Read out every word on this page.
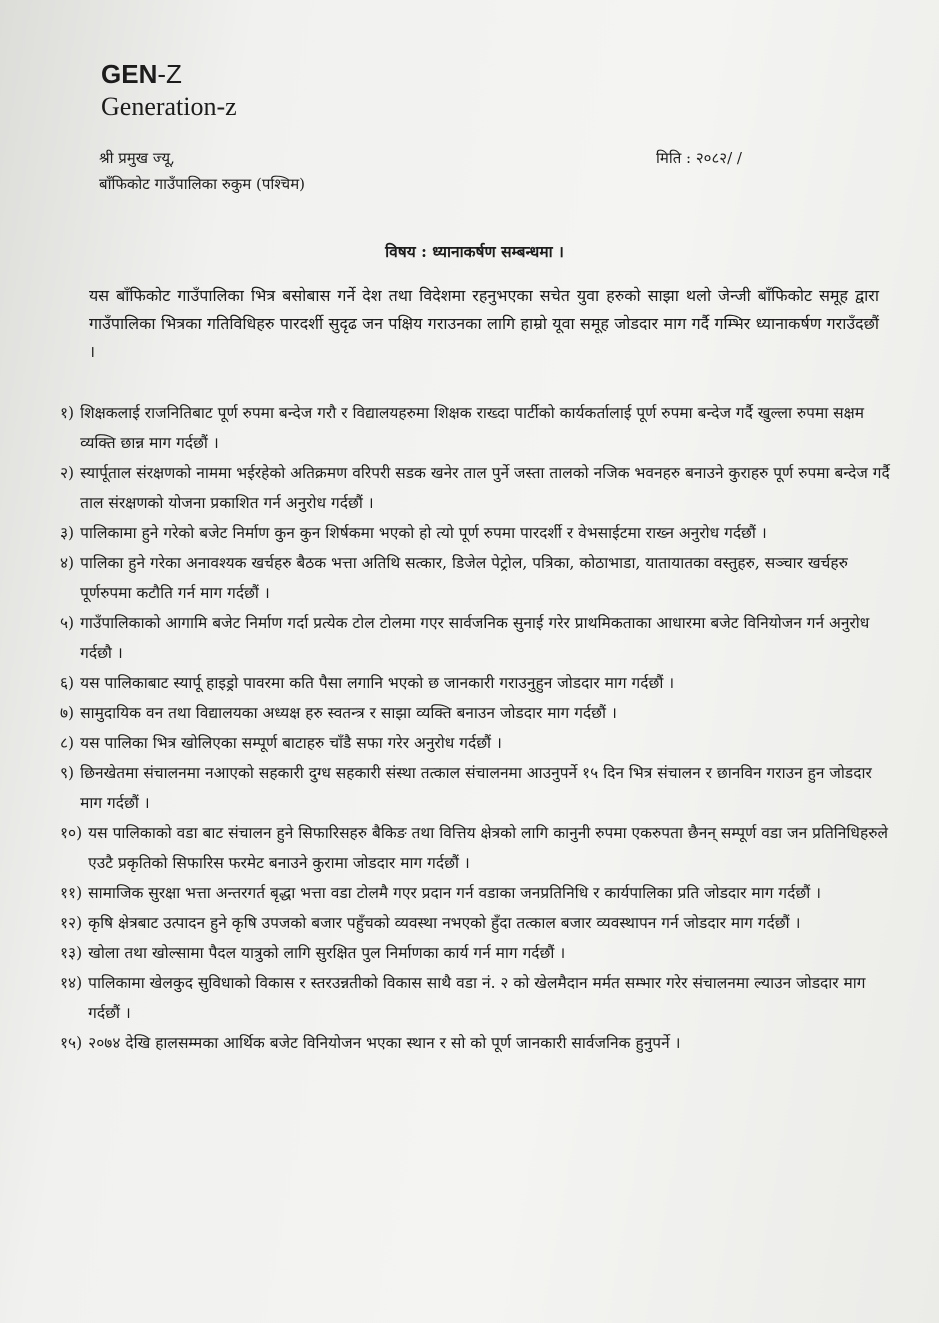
GEN-Z
Generation-z
श्री प्रमुख ज्यू,
बाँफिकोट गाउँपालिका रुकुम (पश्चिम)
मिति : २०८२/ /
विषय : ध्यानाकर्षण सम्बन्धमा ।
यस बाँफिकोट गाउँपालिका भित्र बसोबास गर्ने देश तथा विदेशमा रहनुभएका सचेत युवा हरुको साझा थलो जेन्जी बाँफिकोट समूह द्वारा गाउँपालिका भित्रका गतिविधिहरु पारदर्शी सुदृढ जन पक्षिय गराउनका लागि हाम्रो यूवा समूह जोडदार माग गर्दै गम्भिर ध्यानाकर्षण गराउँदछौं ।
१) शिक्षकलाई राजनितिबाट पूर्ण रुपमा बन्देज गरौ र विद्यालयहरुमा शिक्षक राख्दा पार्टीको कार्यकर्तालाई पूर्ण रुपमा बन्देज गर्दै खुल्ला रुपमा सक्षम व्यक्ति छान्न माग गर्दछौं ।
२) स्यार्पूताल संरक्षणको नाममा भईरहेको अतिक्रमण वरिपरी सडक खनेर ताल पुर्ने जस्ता तालको नजिक भवनहरु बनाउने कुराहरु पूर्ण रुपमा बन्देज गर्दै ताल संरक्षणको योजना प्रकाशित गर्न अनुरोध गर्दछौं ।
३) पालिकामा हुने गरेको बजेट निर्माण कुन कुन शिर्षकमा भएको हो त्यो पूर्ण रुपमा पारदर्शी र वेभसाईटमा राख्न अनुरोध गर्दछौं ।
४) पालिका हुने गरेका अनावश्यक खर्चहरु बैठक भत्ता अतिथि सत्कार, डिजेल पेट्रोल, पत्रिका, कोठाभाडा, यातायातका वस्तुहरु, सञ्चार खर्चहरु पूर्णरुपमा कटौति गर्न माग गर्दछौं ।
५) गाउँपालिकाको आगामि बजेट निर्माण गर्दा प्रत्येक टोल टोलमा गएर सार्वजनिक सुनाई गरेर प्राथमिकताका आधारमा बजेट विनियोजन गर्न अनुरोध गर्दछौ ।
६) यस पालिकाबाट स्यार्पू हाइड्रो पावरमा कति पैसा लगानि भएको छ जानकारी गराउनुहुन जोडदार माग गर्दछौं ।
७) सामुदायिक वन तथा विद्यालयका अध्यक्ष हरु स्वतन्त्र र साझा व्यक्ति बनाउन जोडदार माग गर्दछौं ।
८) यस पालिका भित्र खोलिएका सम्पूर्ण बाटाहरु चाँडै सफा गरेर अनुरोध गर्दछौं ।
९) छिनखेतमा संचालनमा नआएको सहकारी दुग्ध सहकारी संस्था तत्काल संचालनमा आउनुपर्ने १५ दिन भित्र संचालन र छानविन गराउन हुन जोडदार माग गर्दछौं ।
१०) यस पालिकाको वडा बाट संचालन हुने सिफारिसहरु बैकिङ तथा वित्तिय क्षेत्रको लागि कानुनी रुपमा एकरुपता छैनन् सम्पूर्ण वडा जन प्रतिनिधिहरुले एउटै प्रकृतिको सिफारिस फरमेट बनाउने कुरामा जोडदार माग गर्दछौं ।
११) सामाजिक सुरक्षा भत्ता अन्तरगर्त बृद्धा भत्ता वडा टोलमै गएर प्रदान गर्न वडाका जनप्रतिनिधि र कार्यपालिका प्रति जोडदार माग गर्दछौं ।
१२) कृषि क्षेत्रबाट उत्पादन हुने कृषि उपजको बजार पहुँचको व्यवस्था नभएको हुँदा तत्काल बजार व्यवस्थापन गर्न जोडदार माग गर्दछौं ।
१३) खोला तथा खोल्सामा पैदल यात्रुको लागि सुरक्षित पुल निर्माणका कार्य गर्न माग गर्दछौं ।
१४) पालिकामा खेलकुद सुविधाको विकास र स्तरउन्नतीको विकास साथै वडा नं. २ को खेलमैदान मर्मत सम्भार गरेर संचालनमा ल्याउन जोडदार माग गर्दछौं ।
१५) २०७४ देखि हालसम्मका आर्थिक बजेट विनियोजन भएका स्थान र सो को पूर्ण जानकारी सार्वजनिक हुनुपर्ने ।
